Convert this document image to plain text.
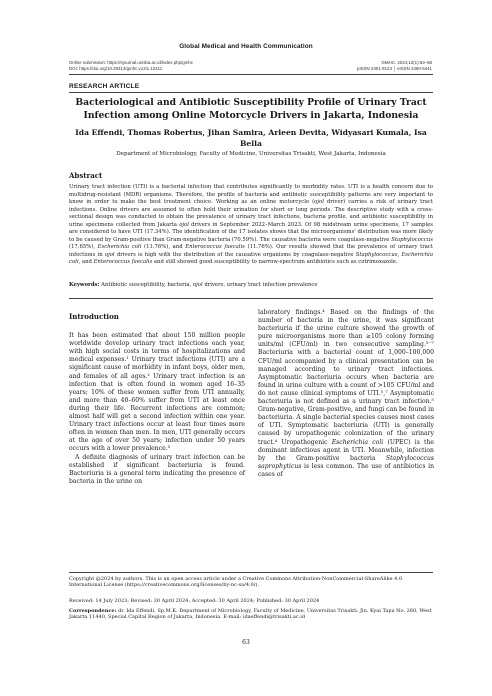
Global Medical and Health Communication
Online submission: https://ejournal.unisba.ac.id/index.php/gmhc
DOI: https://doi.org/10.29313/gmhc.v12i1.12311
GMHC. 2024;12(1):63–68
pISSN 2301-9123 │ eISSN 2460-5441
RESEARCH ARTICLE
Bacteriological and Antibiotic Susceptibility Profile of Urinary Tract Infection among Online Motorcycle Drivers in Jakarta, Indonesia
Ida Effendi, Thomas Robertus, Jihan Samira, Arleen Devita, Widyasari Kumala, Isa Bella
Department of Microbiology, Faculty of Medicine, Universitas Trisakti, West Jakarta, Indonesia
Abstract
Urinary tract infection (UTI) is a bacterial infection that contributes significantly to morbidity rates. UTI is a health concern due to multidrug-resistant (MDR) organisms. Therefore, the profile of bacteria and antibiotic susceptibility patterns are very important to know in order to make the best treatment choice. Working as an online motorcycle (ojol driver) carries a risk of urinary tract infections. Online drivers are assumed to often hold their urination for short or long periods. The descriptive study with a cross-sectional design was conducted to obtain the prevalence of urinary tract infections, bacteria profile, and antibiotic susceptibility in urine specimens collected from Jakarta ojol drivers in September 2022–March 2023. Of 98 midstream urine specimens, 17 samples are considered to have UTI (17.34%). The identification of the 17 isolates shows that the microorganisms' distribution was more likely to be caused by Gram-positive than Gram-negative bacteria (70.59%). The causative bacteria were coagulase-negative Staphylococcus (17.65%), Escherichia coli (11.76%), and Enterococcus faecalis (11.76%). Our results showed that the prevalence of urinary tract infections in ojol drivers is high with the distribution of the causative organisms by coagulase-negative Staphylococcus, Escherichia coli, and Enterococcus faecalis and still showed good susceptibility to narrow-spectrum antibiotics such as cotrimoxazole.
Keywords: Antibiotic susceptibility, bacteria, ojol drivers, urinary tract infection prevalence
Introduction
It has been estimated that about 150 million people worldwide develop urinary tract infections each year, with high social costs in terms of hospitalizations and medical expenses.¹ Urinary tract infections (UTI) are a significant cause of morbidity in infant boys, older men, and females of all ages.² Urinary tract infection is an infection that is often found in women aged 16–35 years; 10% of these women suffer from UTI annually, and more than 40–60% suffer from UTI at least once during their life. Recurrent infections are common; almost half will get a second infection within one year. Urinary tract infections occur at least four times more often in women than men. In men, UTI generally occurs at the age of over 50 years; infection under 50 years occurs with a lower prevalence.³
A definite diagnosis of urinary tract infection can be established if significant bacteriuria is found. Bacteriuria is a general term indicating the presence of bacteria in the urine on
laboratory findings.⁴ Based on the findings of the number of bacteria in the urine, it was significant bacteriuria if the urine culture showed the growth of pure microorganisms more than ≥105 colony forming units/ml (CFU/ml) in two consecutive sampling.⁵⁻⁷ Bacteriuria with a bacterial count of 1,000–100,000 CFU/ml accompanied by a clinical presentation can be managed according to urinary tract infections. Asymptomatic bacteriuria occurs when bacteria are found in urine culture with a count of >105 CFU/ml and do not cause clinical symptoms of UTI.⁵,⁷ Asymptomatic bacteriuria is not defined as a urinary tract infection.⁵ Gram-negative, Gram-positive, and fungi can be found in bacteriuria. A single bacterial species causes most cases of UTI. Symptomatic bacteriuria (UTI) is generally caused by uropathogenic colonization of the urinary tract.⁴ Uropathogenic Escherichia coli (UPEC) is the dominant infectious agent in UTI. Meanwhile, infection by the Gram-positive bacteria Staphylococcus saprophyticus is less common. The use of antibiotics in cases of
Copyright @2024 by authors. This is an open access article under a Creative Commons Attribution-NonCommercial-ShareAlike 4.0 International License (https://creativecommons.org/licenses/by-nc-sa/4.0/).
Received: 14 July 2023; Revised: 30 April 2024; Accepted: 30 April 2024; Published: 30 April 2024
Correspondence: dr. Ida Effendi, Sp.M.K. Department of Microbiology, Faculty of Medicine, Universitas Trisakti. Jln. Kyai Tapa No. 260, West Jakarta 11440, Special Capital Region of Jakarta, Indonesia. E-mail: idaeffendi@trisakti.ac.id
63
